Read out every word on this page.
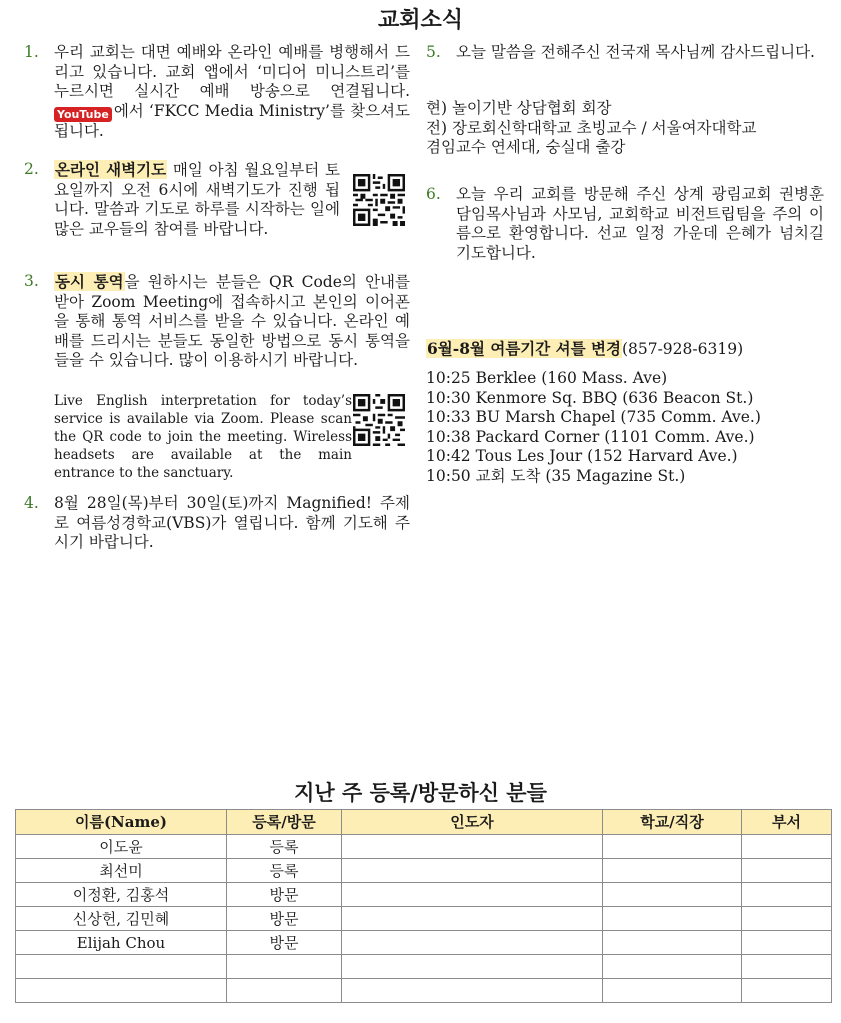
교회소식
1. 우리 교회는 대면 예배와 온라인 예배를 병행해서 드리고 있습니다. 교회 앱에서 ‘미디어 미니스트리’를 누르시면 실시간 예배 방송으로 연결됩니다. YouTube 에서 ‘FKCC Media Ministry’를 찾으셔도 됩니다.
2.	온라인 새벽기도 매일 아침 월요일부터 토요일까지 오전 6시에 새벽기도가 진행 됩니다. 말씀과 기도로 하루를 시작하는 일에 많은 교우들의 참여를 바랍니다.
3.	동시 통역을 원하시는 분들은 QR Code의 안내를 받아 Zoom Meeting에 접속하시고 본인의 이어폰을 통해 통역 서비스를 받을 수 있습니다. 온라인 예배를 드리시는 분들도 동일한 방법으로 동시 통역을 들을 수 있습니다. 많이 이용하시기 바랍니다.
Live English interpretation for today’s service is available via Zoom. Please scan the QR code to join the meeting. Wireless headsets are available at the main entrance to the sanctuary.
4. 8월 28일(목)부터 30일(토)까지 Magnified! 주제로 여름성경학교(VBS)가 열립니다. 함께 기도해 주시기 바랍니다.
5. 오늘 말씀을 전해주신 전국재 목사님께 감사드립니다.
현) 놀이기반 상담협회 회장
전) 장로회신학대학교 초빙교수 / 서울여자대학교
겸임교수 연세대, 숭실대 출강
6. 오늘 우리 교회를 방문해 주신 상계 광림교회 권병훈 담임목사님과 사모님, 교회학교 비전트립팀을 주의 이름으로 환영합니다. 선교 일정 가운데 은혜가 넘치길 기도합니다.
6월-8월 여름기간 셔틀 변경(857-928-6319)
10:25 Berklee (160 Mass. Ave)
10:30 Kenmore Sq. BBQ (636 Beacon St.)
10:33 BU Marsh Chapel (735 Comm. Ave.)
10:38 Packard Corner (1101 Comm. Ave.)
10:42 Tous Les Jour (152 Harvard Ave.)
10:50 교회 도착 (35 Magazine St.)
지난 주 등록/방문하신 분들
이름(Name)	등록/방문	인도자	학교/직장	부서
이도윤	등록			
최선미	등록			
이정환, 김홍석	방문			
신상헌, 김민혜	방문			
Elijah Chou	방문			
